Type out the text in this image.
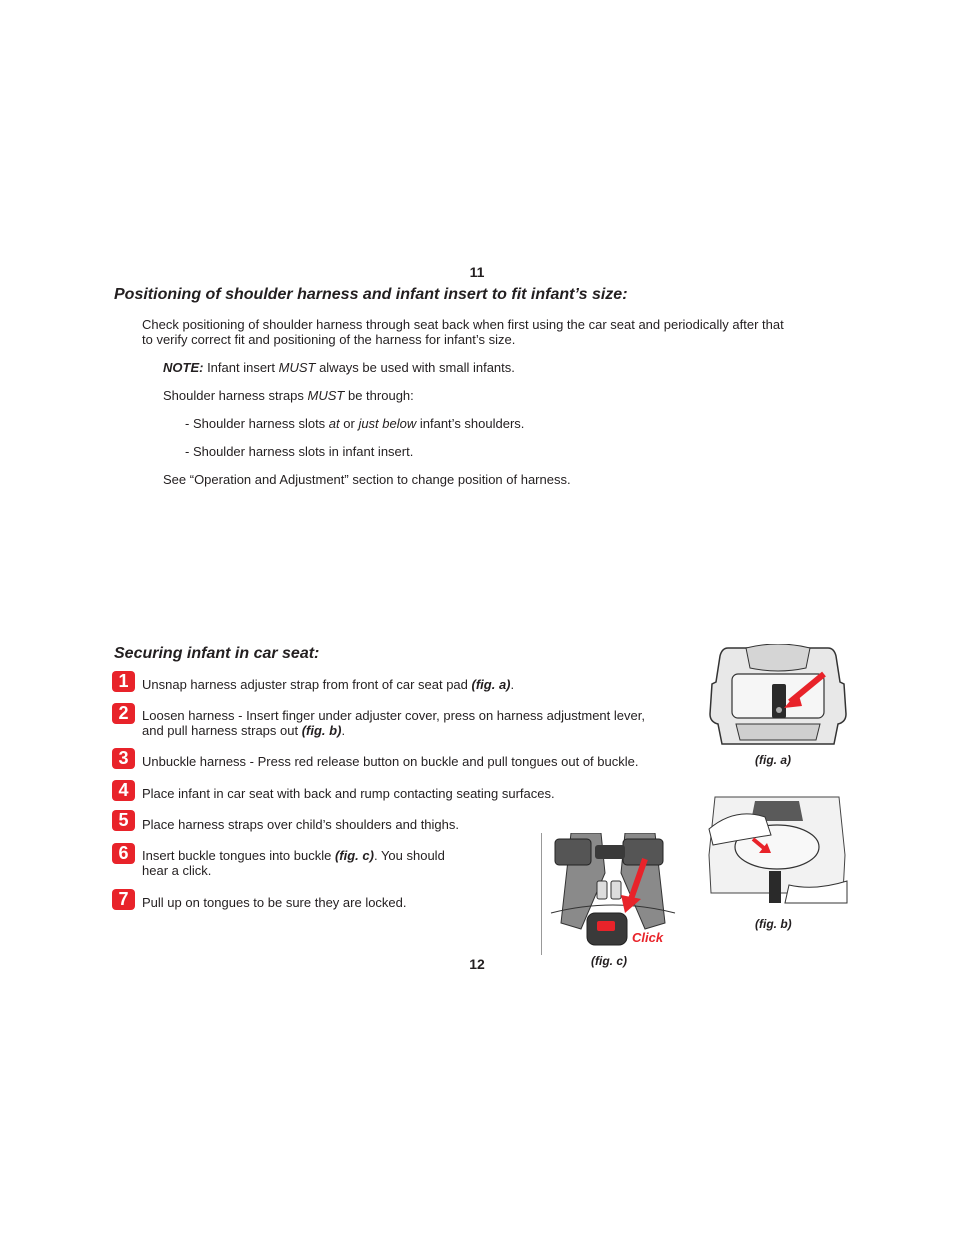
11
Positioning of shoulder harness and infant insert to fit infant’s size:
Check positioning of shoulder harness through seat back when first using the car seat and periodically after that
to verify correct fit and positioning of the harness for infant’s size.
NOTE: Infant insert MUST always be used with small infants.
Shoulder harness straps MUST be through:
- Shoulder harness slots at or just below infant’s shoulders.
- Shoulder harness slots in infant insert.
See “Operation and Adjustment” section to change position of harness.
Securing infant in car seat:
1	Unsnap harness adjuster strap from front of car seat pad (fig. a).
2	Loosen harness - Insert finger under adjuster cover, press on harness adjustment lever,
and pull harness straps out (fig. b).
3	Unbuckle harness - Press red release button on buckle and pull tongues out of buckle.
4	Place infant in car seat with back and rump contacting seating surfaces.
5	Place harness straps over child’s shoulders and thighs.
6	Insert buckle tongues into buckle (fig. c). You should
hear a click.
7	Pull up on tongues to be sure they are locked.
(fig. a)
(fig. b)
Click
(fig. c)
12
